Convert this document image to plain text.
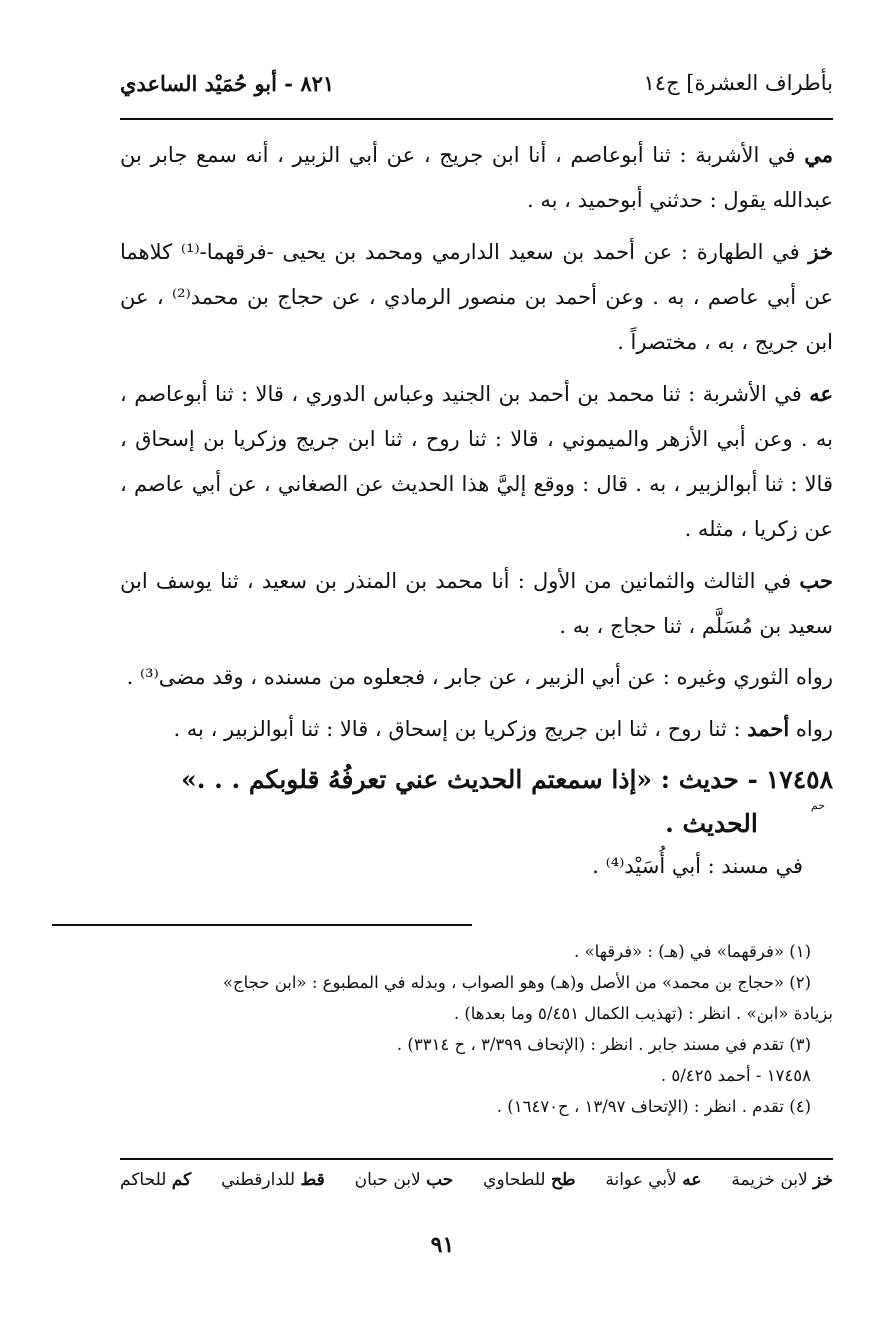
بأطراف العشرة] ج١٤
٨٢١ - أبو حُمَيْد الساعدي

مي في الأشربة : ثنا أبوعاصم ، أنا ابن جريج ، عن أبي الزبير ، أنه سمع جابر بن عبدالله يقول : حدثني أبوحميد ، به .

خز في الطهارة : عن أحمد بن سعيد الدارمي ومحمد بن يحيى -فرقهما-⁽¹⁾ كلاهما عن أبي عاصم ، به . وعن أحمد بن منصور الرمادي ، عن حجاج بن محمد⁽²⁾ ، عن ابن جريج ، به ، مختصراً .

عه في الأشربة : ثنا محمد بن أحمد بن الجنيد وعباس الدوري ، قالا : ثنا أبوعاصم ، به . وعن أبي الأزهر والميموني ، قالا : ثنا روح ، ثنا ابن جريج وزكريا بن إسحاق ، قالا : ثنا أبوالزبير ، به . قال : ووقع إليَّ هذا الحديث عن الصغاني ، عن أبي عاصم ، عن زكريا ، مثله .

حب في الثالث والثمانين من الأول : أنا محمد بن المنذر بن سعيد ، ثنا يوسف ابن سعيد بن مُسَلَّم ، ثنا حجاج ، به .

رواه الثوري وغيره : عن أبي الزبير ، عن جابر ، فجعلوه من مسنده ، وقد مضى⁽³⁾ .

رواه أحمد : ثنا روح ، ثنا ابن جريج وزكريا بن إسحاق ، قالا : ثنا أبوالزبير ، به .

١٧٤٥٨
حم
- حديث : «إذا سمعتم الحديث عني تعرفُهُ قلوبكم . . .» الحديث .
في مسند : أبي أُسَيْد⁽⁴⁾ .
(١) «فرقهما» في (هـ) : «فرقها» .
(٢) «حجاج بن محمد» من الأصل و(هـ) وهو الصواب ، وبدله في المطبوع : «ابن حجاج»
بزيادة «ابن» . انظر : (تهذيب الكمال ٥/٤٥١ وما بعدها) .
(٣) تقدم في مسند جابر . انظر : (الإتحاف ٣/٣٩٩ ، ح ٣٣١٤) .
١٧٤٥٨ - أحمد ٥/٤٢٥ .
(٤) تقدم . انظر : (الإتحاف ١٣/٩٧ ، ح١٦٤٧٠) .
خز لابن خزيمة
عه لأبي عوانة
طح للطحاوي
حب لابن حبان
قط للدارقطني
كم للحاكم
٩١
